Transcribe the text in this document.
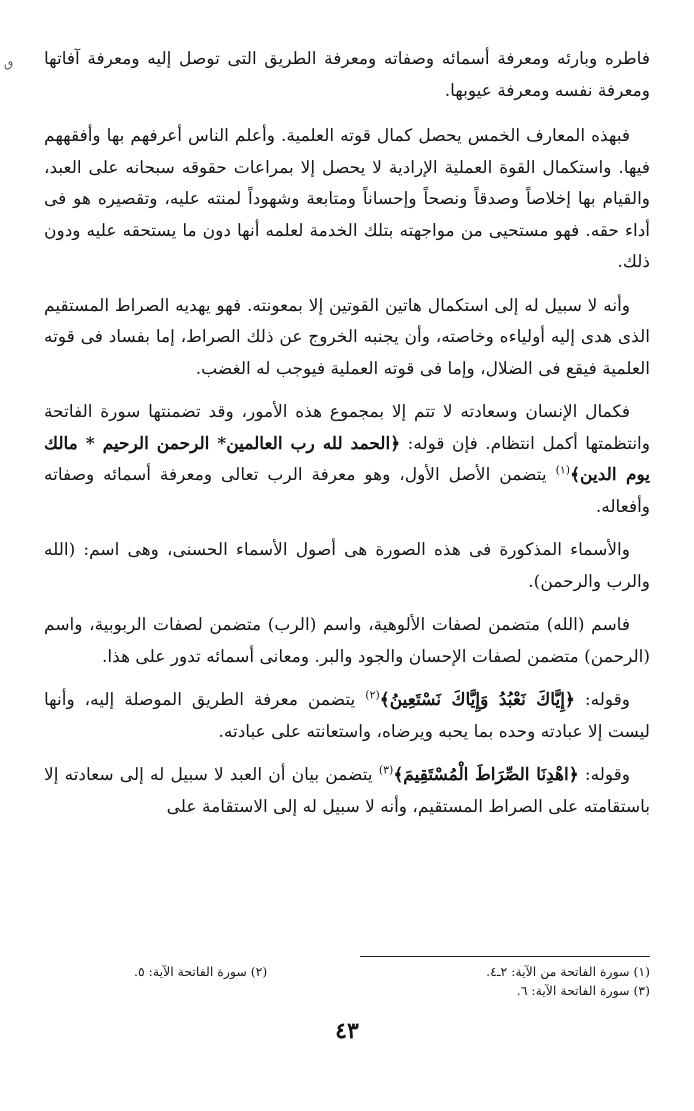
ٯ فاطره وبارئه ومعرفة أسمائه وصفاته ومعرفة الطريق التى توصل إليه ومعرفة آفاتها ومعرفة نفسه ومعرفة عيوبها.

فبهذه المعارف الخمس يحصل كمال قوته العلمية. وأعلم الناس أعرفهم بها وأفقههم فيها. واستكمال القوة العملية الإرادية لا يحصل إلا بمراعات حقوقه سبحانه على العبد، والقيام بها إخلاصاً وصدقاً ونصحاً وإحساناً ومتابعة وشهوداً لمنته عليه، وتقصيره هو فى أداء حقه. فهو مستحيى من مواجهته بتلك الخدمة لعلمه أنها دون ما يستحقه عليه ودون ذلك.

وأنه لا سبيل له إلى استكمال هاتين القوتين إلا بمعونته. فهو يهديه الصراط المستقيم الذى هدى إليه أولياءه وخاصته، وأن يجنبه الخروج عن ذلك الصراط، إما بفساد فى قوته العلمية فيقع فى الضلال، وإما فى قوته العملية فيوجب له الغضب.

فكمال الإنسان وسعادته لا تتم إلا بمجموع هذه الأمور، وقد تضمنتها سورة الفاتحة وانتظمتها أكمل انتظام. فإن قوله: ﴿الحمد لله رب العالمين* الرحمن الرحيم * مالك يوم الدين﴾$^{(١)}$ يتضمن الأصل الأول، وهو معرفة الرب تعالى ومعرفة أسمائه وصفاته وأفعاله.

والأسماء المذكورة فى هذه الصورة هى أصول الأسماء الحسنى، وهى اسم: (الله والرب والرحمن).

فاسم (الله) متضمن لصفات الألوهية، واسم (الرب) متضمن لصفات الربوبية، واسم (الرحمن) متضمن لصفات الإحسان والجود والبر. ومعانى أسمائه تدور على هذا.

وقوله: ﴿إِيَّاكَ نَعْبُدُ وَإِيَّاكَ نَسْتَعِينُ﴾$^{(٢)}$ يتضمن معرفة الطريق الموصلة إليه، وأنها ليست إلا عبادته وحده بما يحبه ويرضاه، واستعانته على عبادته.

وقوله: ﴿اهْدِنَا الصِّرَاطَ الْمُسْتَقِيمَ﴾$^{(٣)}$ يتضمن بيان أن العبد لا سبيل له إلى سعادته إلا باستقامته على الصراط المستقيم، وأنه لا سبيل له إلى الاستقامة على

(١) سورة الفاتحة من الآية: ٢ـ٤.
(٢) سورة الفاتحة الآية: ٥.
(٣) سورة الفاتحة الآية: ٦.
٤٣
